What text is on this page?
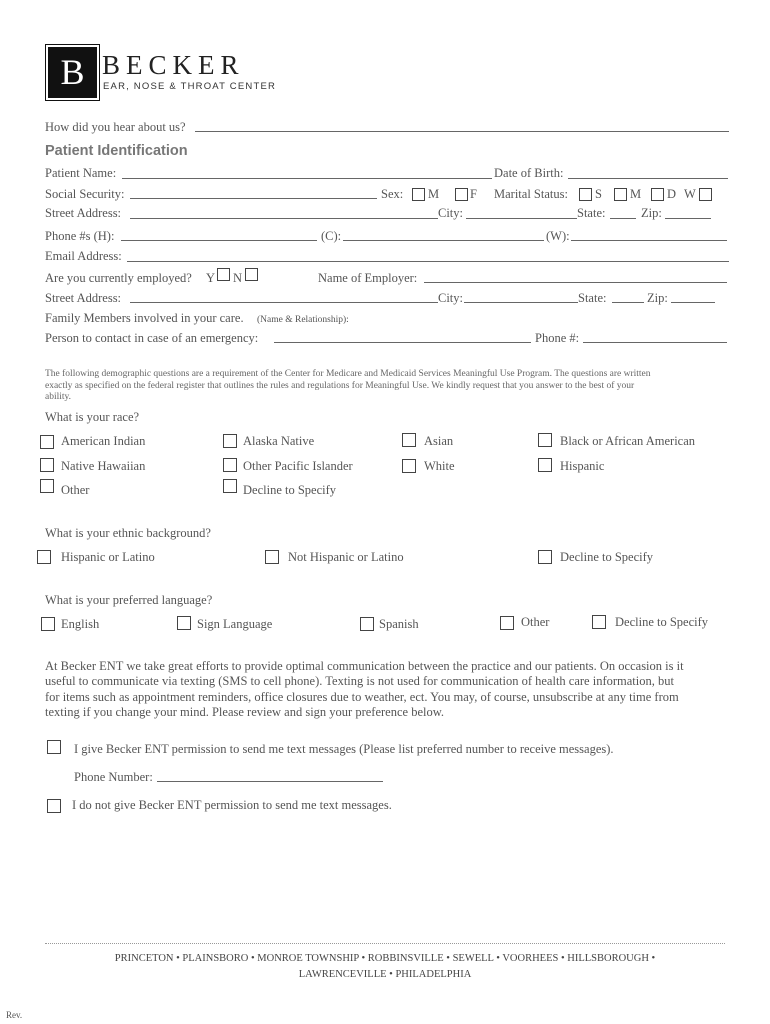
B BECKER
EAR, NOSE & THROAT CENTER
How did you hear about us?
Patient Identification
Patient Name:	Date of Birth:
Social Security:	Sex: M F Marital Status: S M D W
Street Address:	City:	State:	Zip:
Phone #s (H):	(C):	(W):
Email Address:
Are you currently employed? Y N	Name of Employer:
Street Address:	City:	State:	Zip:
Family Members involved in your care. (Name & Relationship):
Person to contact in case of an emergency:	Phone #:
The following demographic questions are a requirement of the Center for Medicare and Medicaid Services Meaningful Use Program. The questions are written
exactly as specified on the federal register that outlines the rules and regulations for Meaningful Use. We kindly request that you answer to the best of your
ability.
What is your race?
American Indian	Alaska Native	Asian	Black or African American
Native Hawaiian	Other Pacific Islander	White	Hispanic
Other	Decline to Specify
What is your ethnic background?
Hispanic or Latino	Not Hispanic or Latino	Decline to Specify
What is your preferred language?
English	Sign Language	Spanish	Other	Decline to Specify
At Becker ENT we take great efforts to provide optimal communication between the practice and our patients. On occasion is it
useful to communicate via texting (SMS to cell phone). Texting is not used for communication of health care information, but
for items such as appointment reminders, office closures due to weather, ect. You may, of course, unsubscribe at any time from
texting if you change your mind. Please review and sign your preference below.
I give Becker ENT permission to send me text messages (Please list preferred number to receive messages).
Phone Number:
I do not give Becker ENT permission to send me text messages.
PRINCETON • PLAINSBORO • MONROE TOWNSHIP • ROBBINSVILLE • SEWELL • VOORHEES • HILLSBOROUGH •
LAWRENCEVILLE • PHILADELPHIA
Rev.
